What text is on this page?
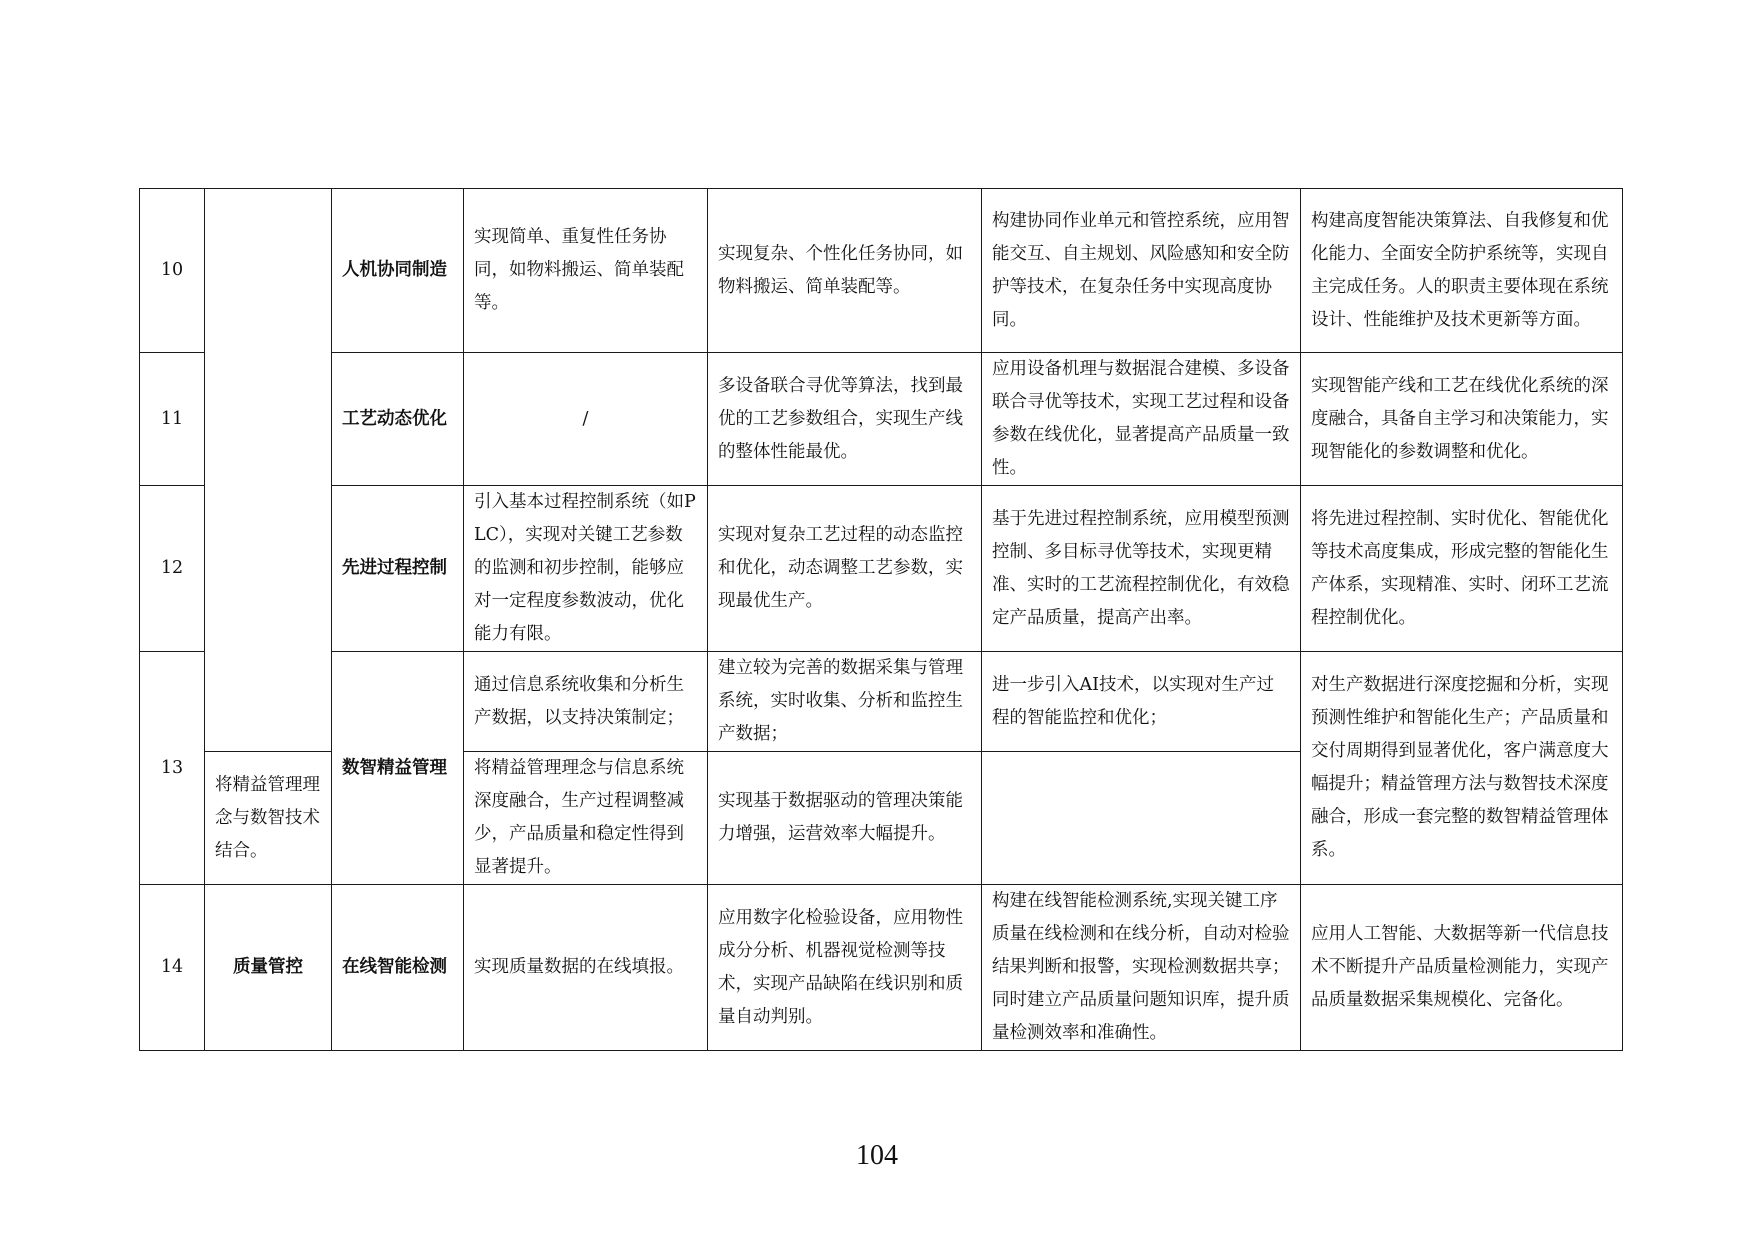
10		人机协同制造	实现简单、重复性任务协同，如物料搬运、简单装配等。	实现复杂、个性化任务协同，如物料搬运、简单装配等。	构建协同作业单元和管控系统，应用智能交互、自主规划、风险感知和安全防护等技术，在复杂任务中实现高度协同。	构建高度智能决策算法、自我修复和优化能力、全面安全防护系统等，实现自主完成任务。人的职责主要体现在系统设计、性能维护及技术更新等方面。
11		工艺动态优化	/	多设备联合寻优等算法，找到最优的工艺参数组合，实现生产线的整体性能最优。	应用设备机理与数据混合建模、多设备联合寻优等技术，实现工艺过程和设备参数在线优化，显著提高产品质量一致性。	实现智能产线和工艺在线优化系统的深度融合，具备自主学习和决策能力，实现智能化的参数调整和优化。
12		先进过程控制	引入基本过程控制系统（如PLC），实现对关键工艺参数的监测和初步控制，能够应对一定程度参数波动，优化能力有限。	实现对复杂工艺过程的动态监控和优化，动态调整工艺参数，实现最优生产。	基于先进过程控制系统，应用模型预测控制、多目标寻优等技术，实现更精准、实时的工艺流程控制优化，有效稳定产品质量，提高产出率。	将先进过程控制、实时优化、智能优化等技术高度集成，形成完整的智能化生产体系，实现精准、实时、闭环工艺流程控制优化。
13		数智精益管理	通过信息系统收集和分析生产数据，以支持决策制定；	建立较为完善的数据采集与管理系统，实时收集、分析和监控生产数据；	进一步引入AI技术，以实现对生产过程的智能监控和优化；	对生产数据进行深度挖掘和分析，实现预测性维护和智能化生产；产品质量和交付周期得到显著优化，客户满意度大幅提升；精益管理方法与数智技术深度融合，形成一套完整的数智精益管理体系。
	将精益管理理念与数智技术结合。		将精益管理理念与信息系统深度融合，生产过程调整减少，产品质量和稳定性得到显著提升。	实现基于数据驱动的管理决策能力增强，运营效率大幅提升。		
14	质量管控	在线智能检测	实现质量数据的在线填报。	应用数字化检验设备，应用物性成分分析、机器视觉检测等技术，实现产品缺陷在线识别和质量自动判别。	构建在线智能检测系统,实现关键工序质量在线检测和在线分析，自动对检验结果判断和报警，实现检测数据共享；同时建立产品质量问题知识库，提升质量检测效率和准确性。	应用人工智能、大数据等新一代信息技术不断提升产品质量检测能力，实现产品质量数据采集规模化、完备化。
104
